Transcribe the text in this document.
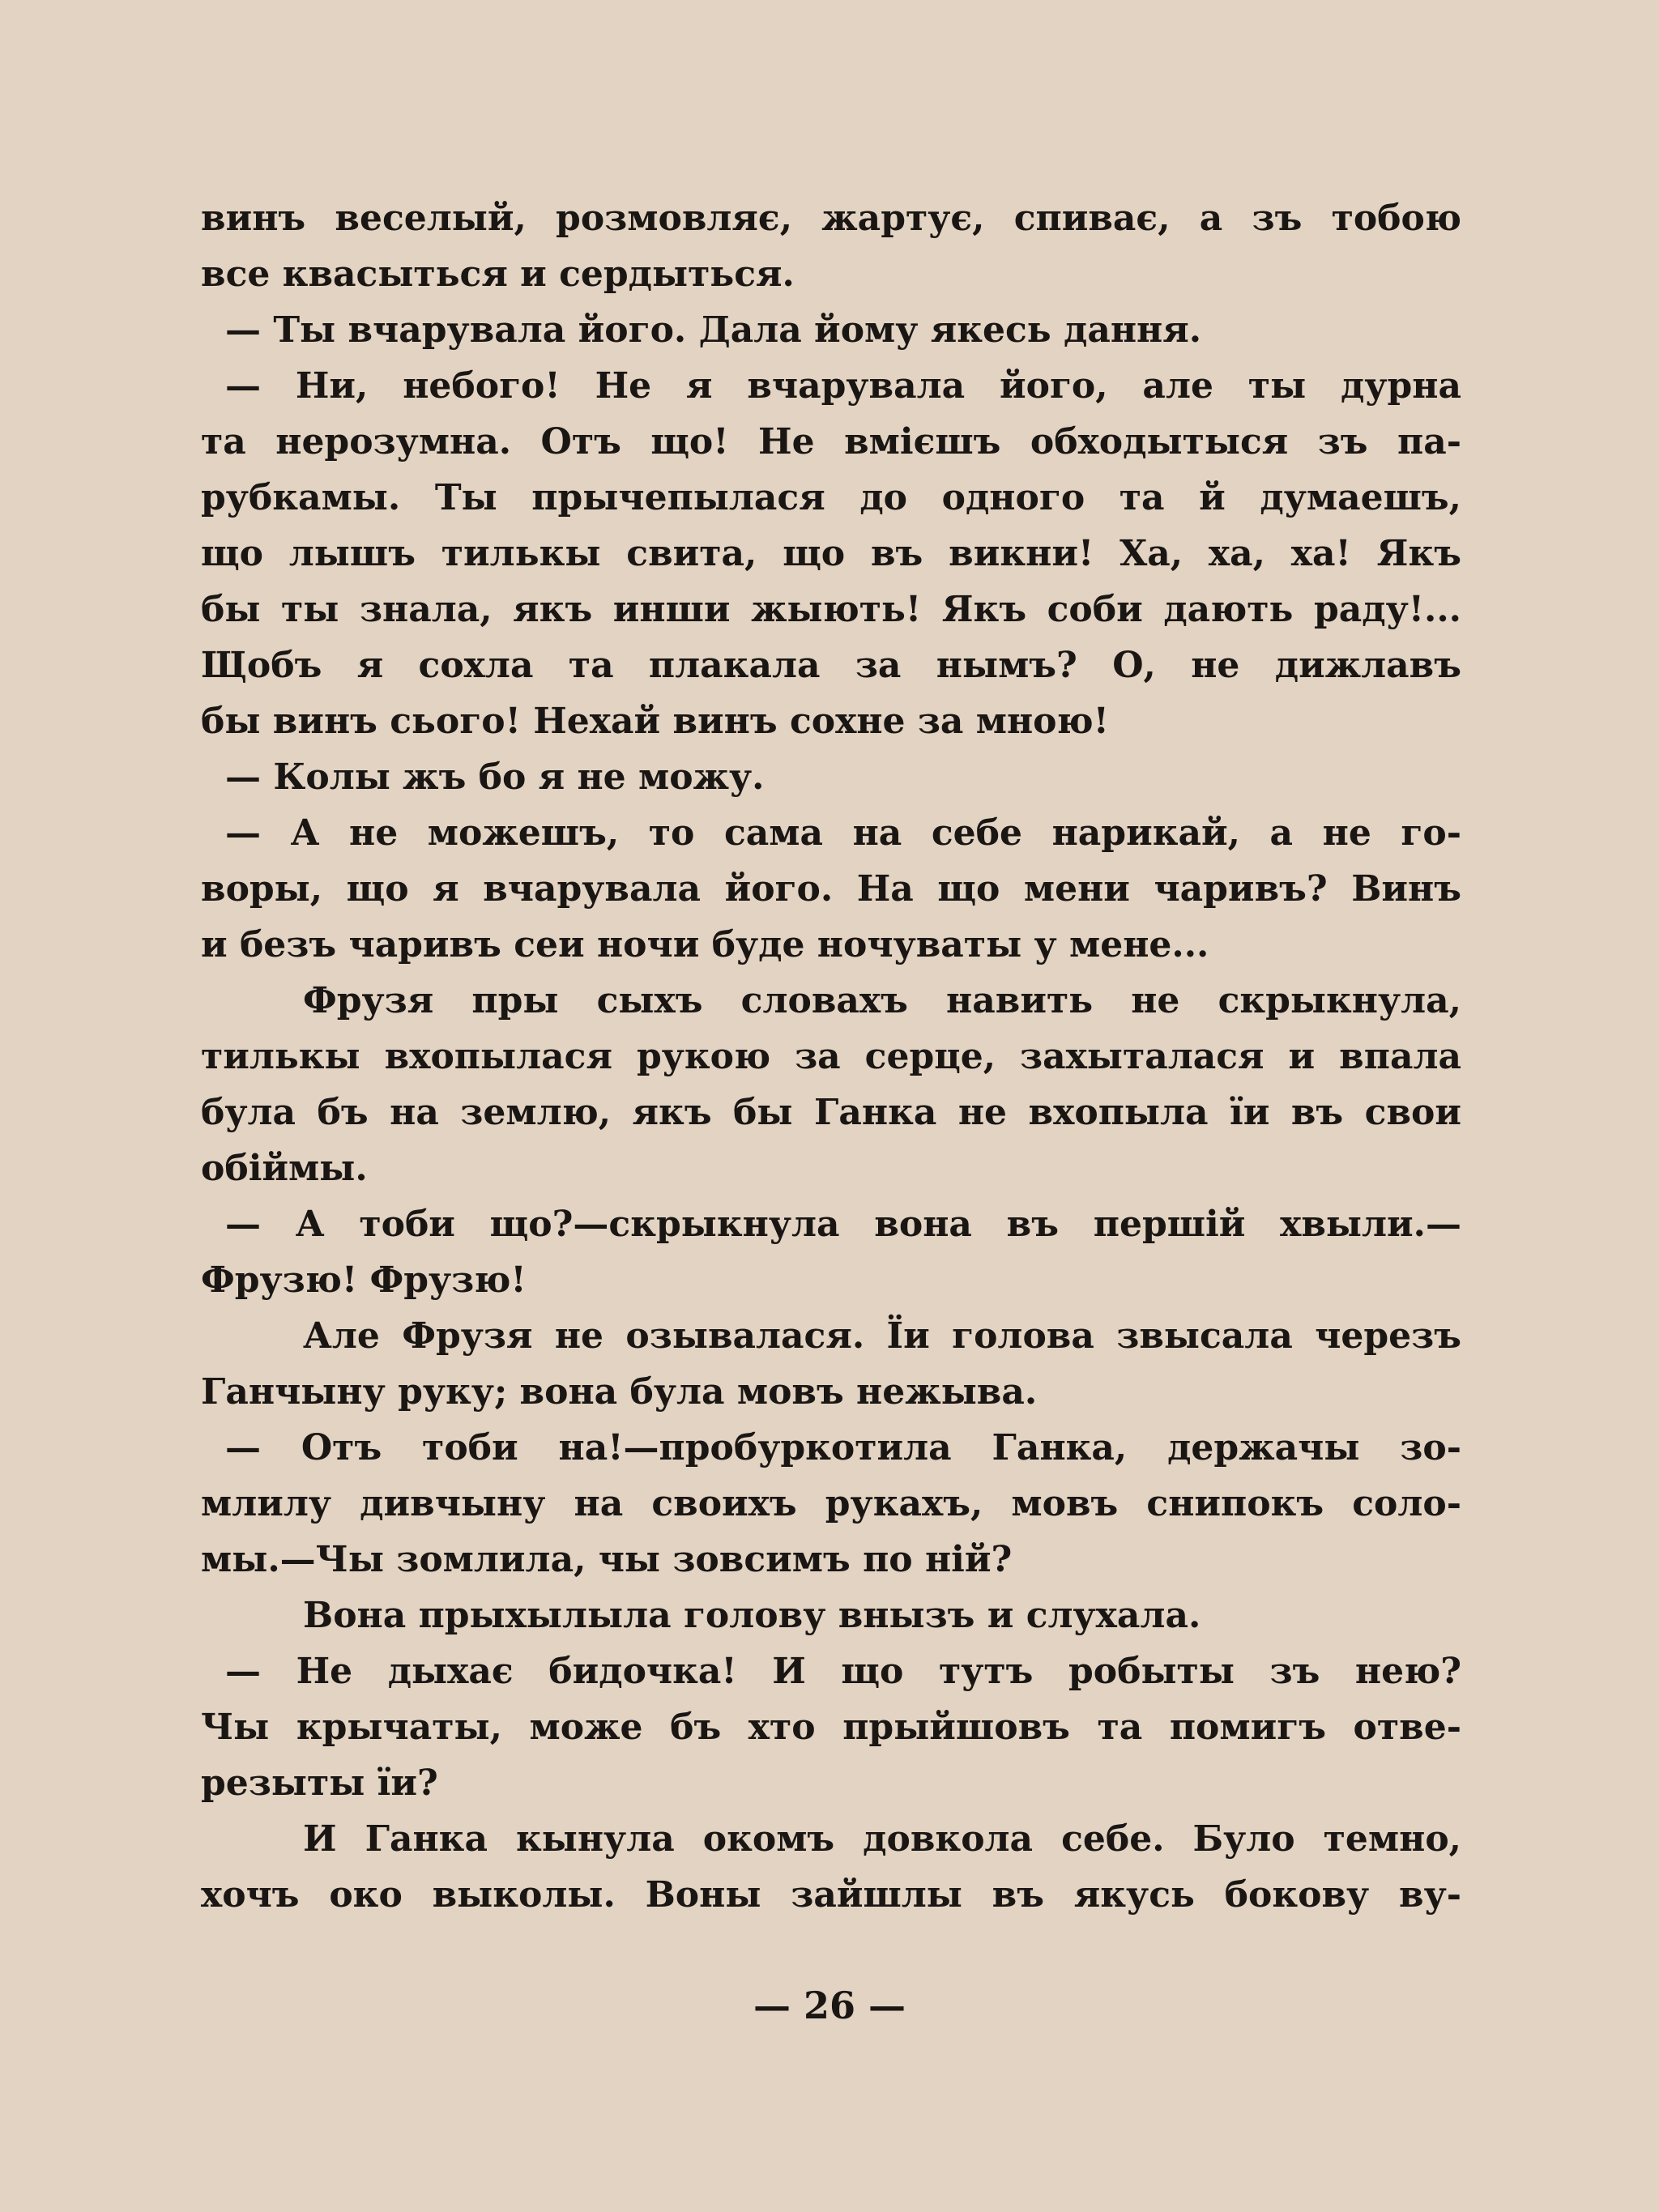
винъ веселый, розмовляє, жартує, спиває, а зъ тобою
все квасыться и сердыться.
— Ты вчарувала його. Дала йому якесь дання.
— Ни, небого! Не я вчарувала його, але ты дурна
та нерозумна. Отъ що! Не вмієшъ обходытыся зъ па-
рубкамы. Ты прычепылася до одного та й думаешъ,
що лышъ тилькы свита, що въ викни! Ха, ха, ха! Якъ
бы ты знала, якъ инши жыють! Якъ соби дають раду!...
Щобъ я сохла та плакала за нымъ? О, не дижлавъ
бы винъ сього! Нехай винъ сохне за мною!
— Колы жъ бо я не можу.
— А не можешъ, то сама на себе нарикай, а не го-
воры, що я вчарувала його. На що мени чаривъ? Винъ
и безъ чаривъ сеи ночи буде ночуваты у мене...
Фрузя пры сыхъ словахъ навить не скрыкнула,
тилькы вхопылася рукою за серце, захыталася и впала
була бъ на землю, якъ бы Ганка не вхопыла ïи въ свои
обiймы.
— А тоби що?—скрыкнула вона въ першiй хвыли.—
Фрузю! Фрузю!
Але Фрузя не озывалася. Ïи голова звысала черезъ
Ганчыну руку; вона була мовъ нежыва.
— Отъ тоби на!—пробуркотила Ганка, держачы зо-
млилу дивчыну на своихъ рукахъ, мовъ снипокъ соло-
мы.—Чы зомлила, чы зовсимъ по нiй?
Вона прыхылыла голову внызъ и слухала.
— Не дыхає бидочка! И що тутъ робыты зъ нею?
Чы крычаты, може бъ хто прыйшовъ та помигъ отве-
резыты ïи?
И Ганка кынула окомъ довкола себе. Було темно,
хочъ око выколы. Воны зайшлы въ якусь бокову ву-
— 26 —
